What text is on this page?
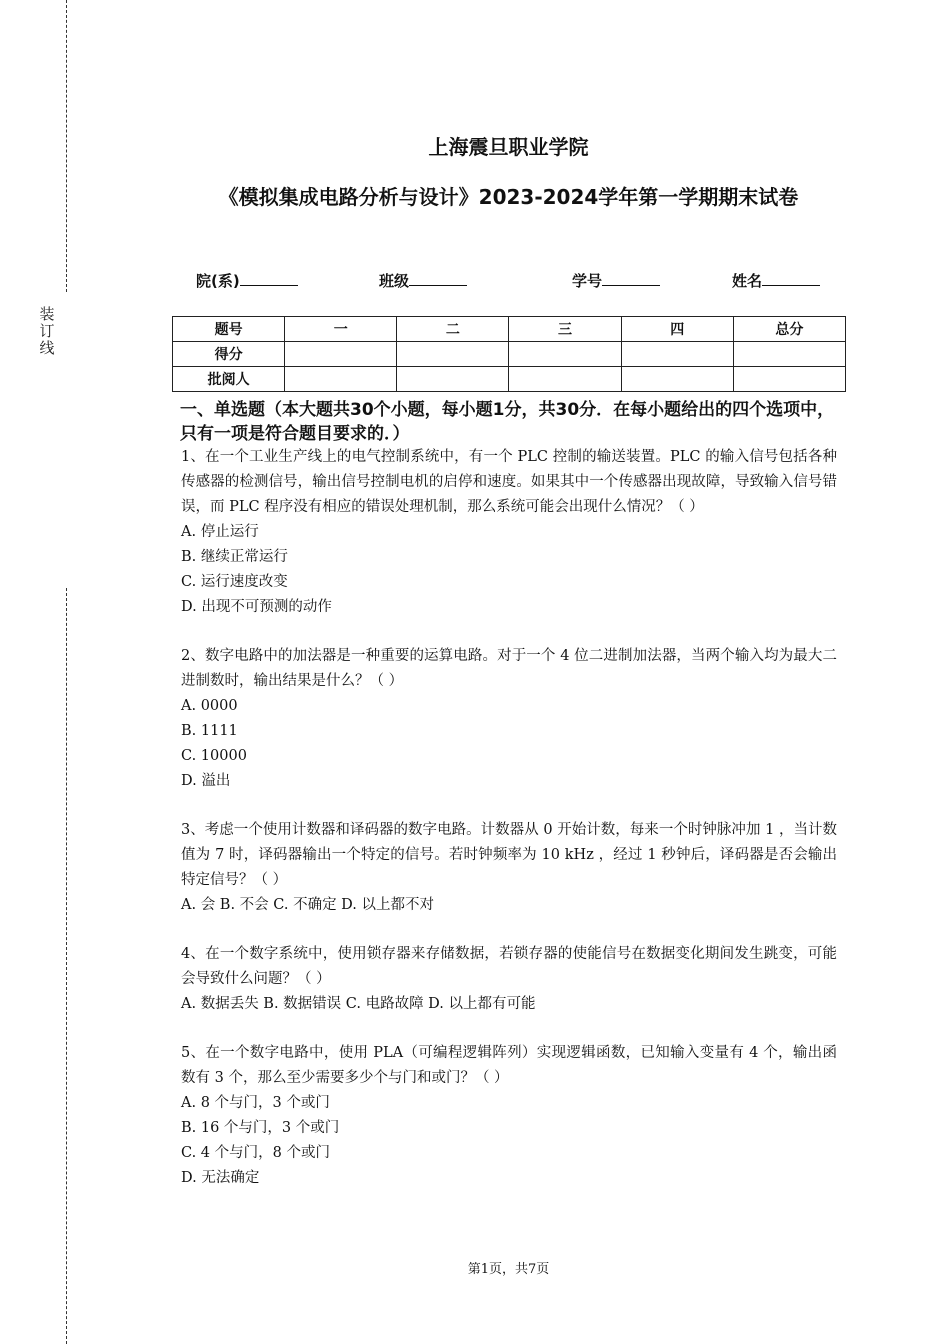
装
订
线
上海震旦职业学院
《模拟集成电路分析与设计》2023-2024学年第一学期期末试卷
院(系)	班级	学号	姓名
题号	一	二	三	四	总分
得分					
批阅人					
一、单选题（本大题共30个小题，每小题1分，共30分．在每小题给出的四个选项中，只有一项是符合题目要求的．）

1、在一个工业生产线上的电气控制系统中，有一个 PLC 控制的输送装置。PLC 的输入信号包括各种传感器的检测信号，输出信号控制电机的启停和速度。如果其中一个传感器出现故障，导致输入信号错误，而 PLC 程序没有相应的错误处理机制，那么系统可能会出现什么情况？（ ）

A. 停止运行

B. 继续正常运行

C. 运行速度改变

D. 出现不可预测的动作

2、数字电路中的加法器是一种重要的运算电路。对于一个 4 位二进制加法器，当两个输入均为最大二进制数时，输出结果是什么？（ ）

A. 0000

B. 1111

C. 10000

D. 溢出

3、考虑一个使用计数器和译码器的数字电路。计数器从 0 开始计数，每来一个时钟脉冲加 1 ，当计数值为 7 时，译码器输出一个特定的信号。若时钟频率为 10 kHz ，经过 1 秒钟后，译码器是否会输出特定信号？（ ）

A. 会 B. 不会 C. 不确定 D. 以上都不对

4、在一个数字系统中，使用锁存器来存储数据，若锁存器的使能信号在数据变化期间发生跳变，可能会导致什么问题？（ ）

A. 数据丢失 B. 数据错误 C. 电路故障 D. 以上都有可能

5、在一个数字电路中，使用 PLA（可编程逻辑阵列）实现逻辑函数，已知输入变量有 4 个，输出函数有 3 个，那么至少需要多少个与门和或门？（ ）

A. 8 个与门，3 个或门

B. 16 个与门，3 个或门

C. 4 个与门，8 个或门

D. 无法确定

第1页，共7页
